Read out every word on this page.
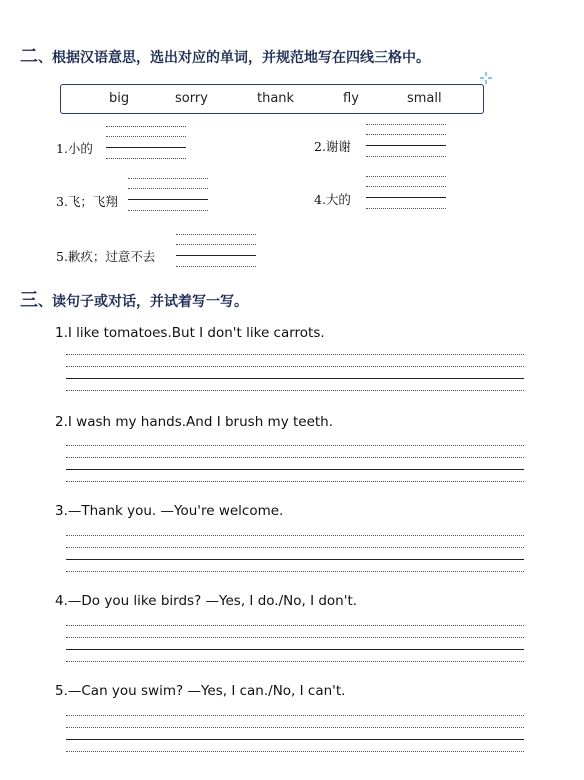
二、根据汉语意思，选出对应的单词，并规范地写在四线三格中。
big	sorry	thank	fly	small
1.小的	2.谢谢
3.飞；飞翔	4.大的
5.歉疚；过意不去
三、读句子或对话，并试着写一写。
1.I like tomatoes.But I don't like carrots.
2.I wash my hands.And I brush my teeth.
3.—Thank you. —You're welcome.
4.—Do you like birds? —Yes, I do./No, I don't.
5.—Can you swim? —Yes, I can./No, I can't.
